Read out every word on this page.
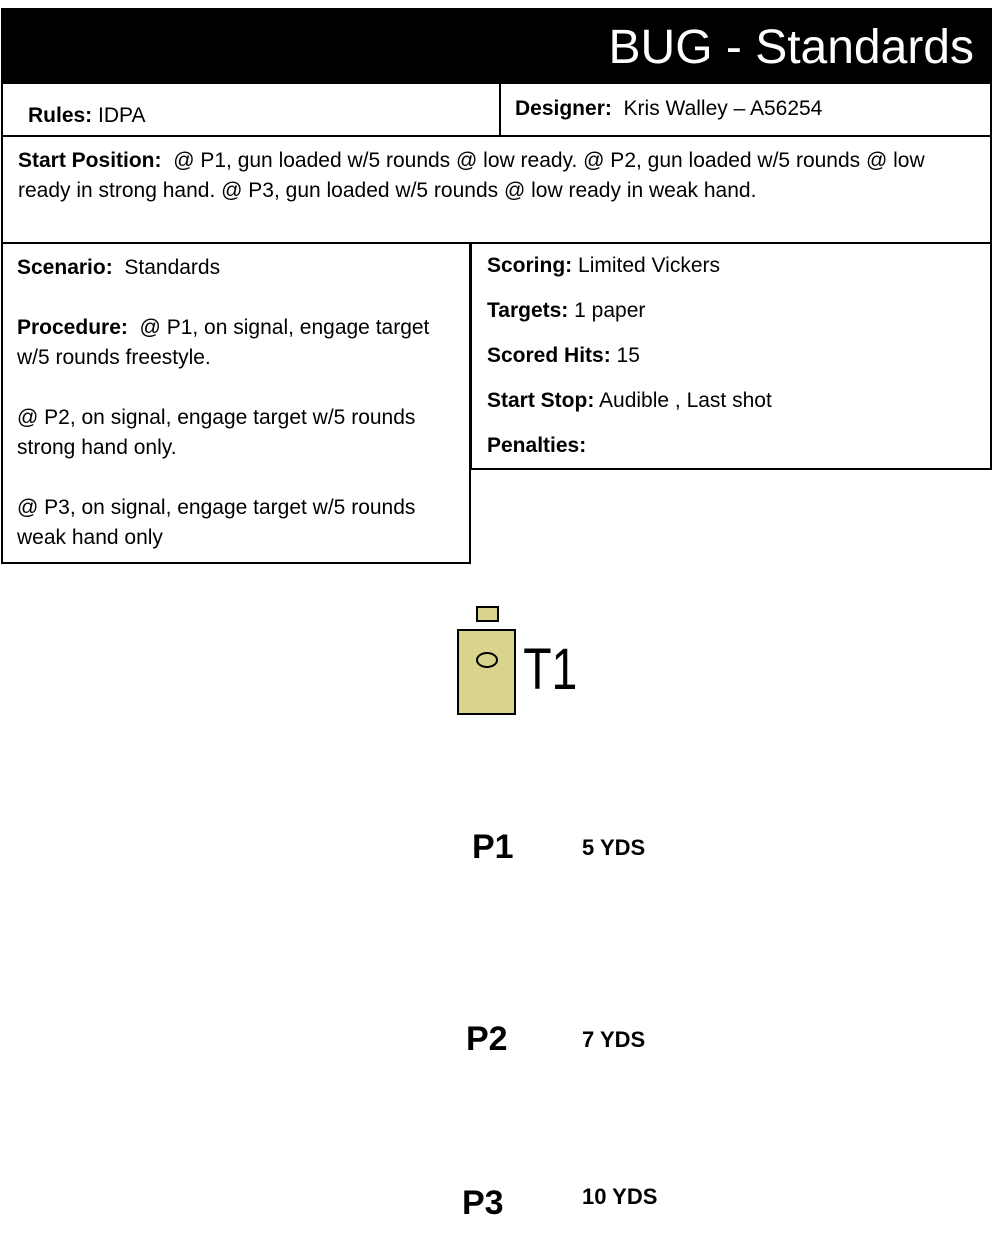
BUG - Standards
Rules: IDPA	Designer: Kris Walley – A56254
Start Position: @ P1, gun loaded w/5 rounds @ low ready. @ P2, gun loaded w/5 rounds @ low ready in strong hand. @ P3, gun loaded w/5 rounds @ low ready in weak hand.

Scenario: Standards

Procedure: @ P1, on signal, engage target w/5 rounds freestyle.

@ P2, on signal, engage target w/5 rounds strong hand only.

@ P3, on signal, engage target w/5 rounds weak hand only

Scoring: Limited Vickers
Targets: 1 paper
Scored Hits: 15
Start Stop: Audible , Last shot
Penalties:
T1
P1	5 YDS
P2	7 YDS
P3	10 YDS
